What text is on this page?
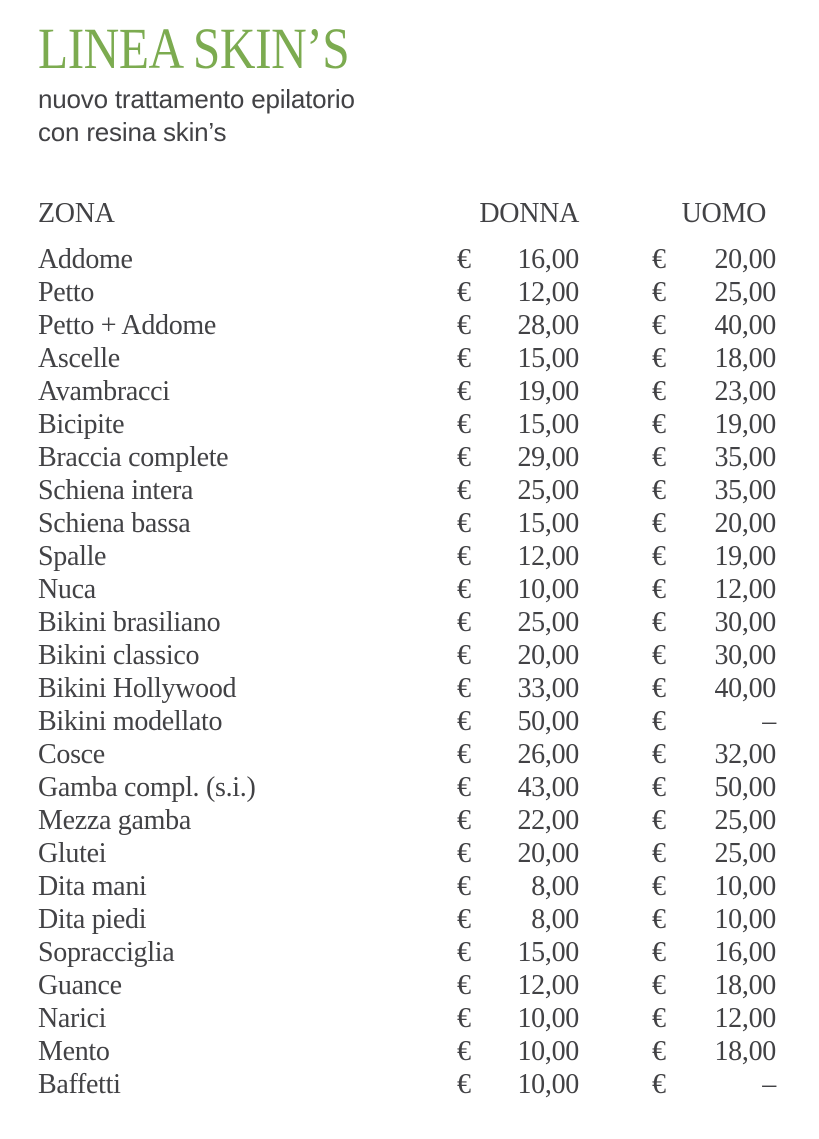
LINEA SKIN’S
nuovo trattamento epilatorio
con resina skin’s
ZONA	DONNA	UOMO
Addome	€ 16,00	€ 20,00
Petto	€ 12,00	€ 25,00
Petto + Addome	€ 28,00	€ 40,00
Ascelle	€ 15,00	€ 18,00
Avambracci	€ 19,00	€ 23,00
Bicipite	€ 15,00	€ 19,00
Braccia complete	€ 29,00	€ 35,00
Schiena intera	€ 25,00	€ 35,00
Schiena bassa	€ 15,00	€ 20,00
Spalle	€ 12,00	€ 19,00
Nuca	€ 10,00	€ 12,00
Bikini brasiliano	€ 25,00	€ 30,00
Bikini classico	€ 20,00	€ 30,00
Bikini Hollywood	€ 33,00	€ 40,00
Bikini modellato	€ 50,00	€	–
Cosce	€ 26,00	€ 32,00
Gamba compl. (s.i.)	€ 43,00	€ 50,00
Mezza gamba	€ 22,00	€ 25,00
Glutei	€ 20,00	€ 25,00
Dita mani	€ 8,00	€ 10,00
Dita piedi	€ 8,00	€ 10,00
Sopracciglia	€ 15,00	€ 16,00
Guance	€ 12,00	€ 18,00
Narici	€ 10,00	€ 12,00
Mento	€ 10,00	€ 18,00
Baffetti	€ 10,00	€	–
